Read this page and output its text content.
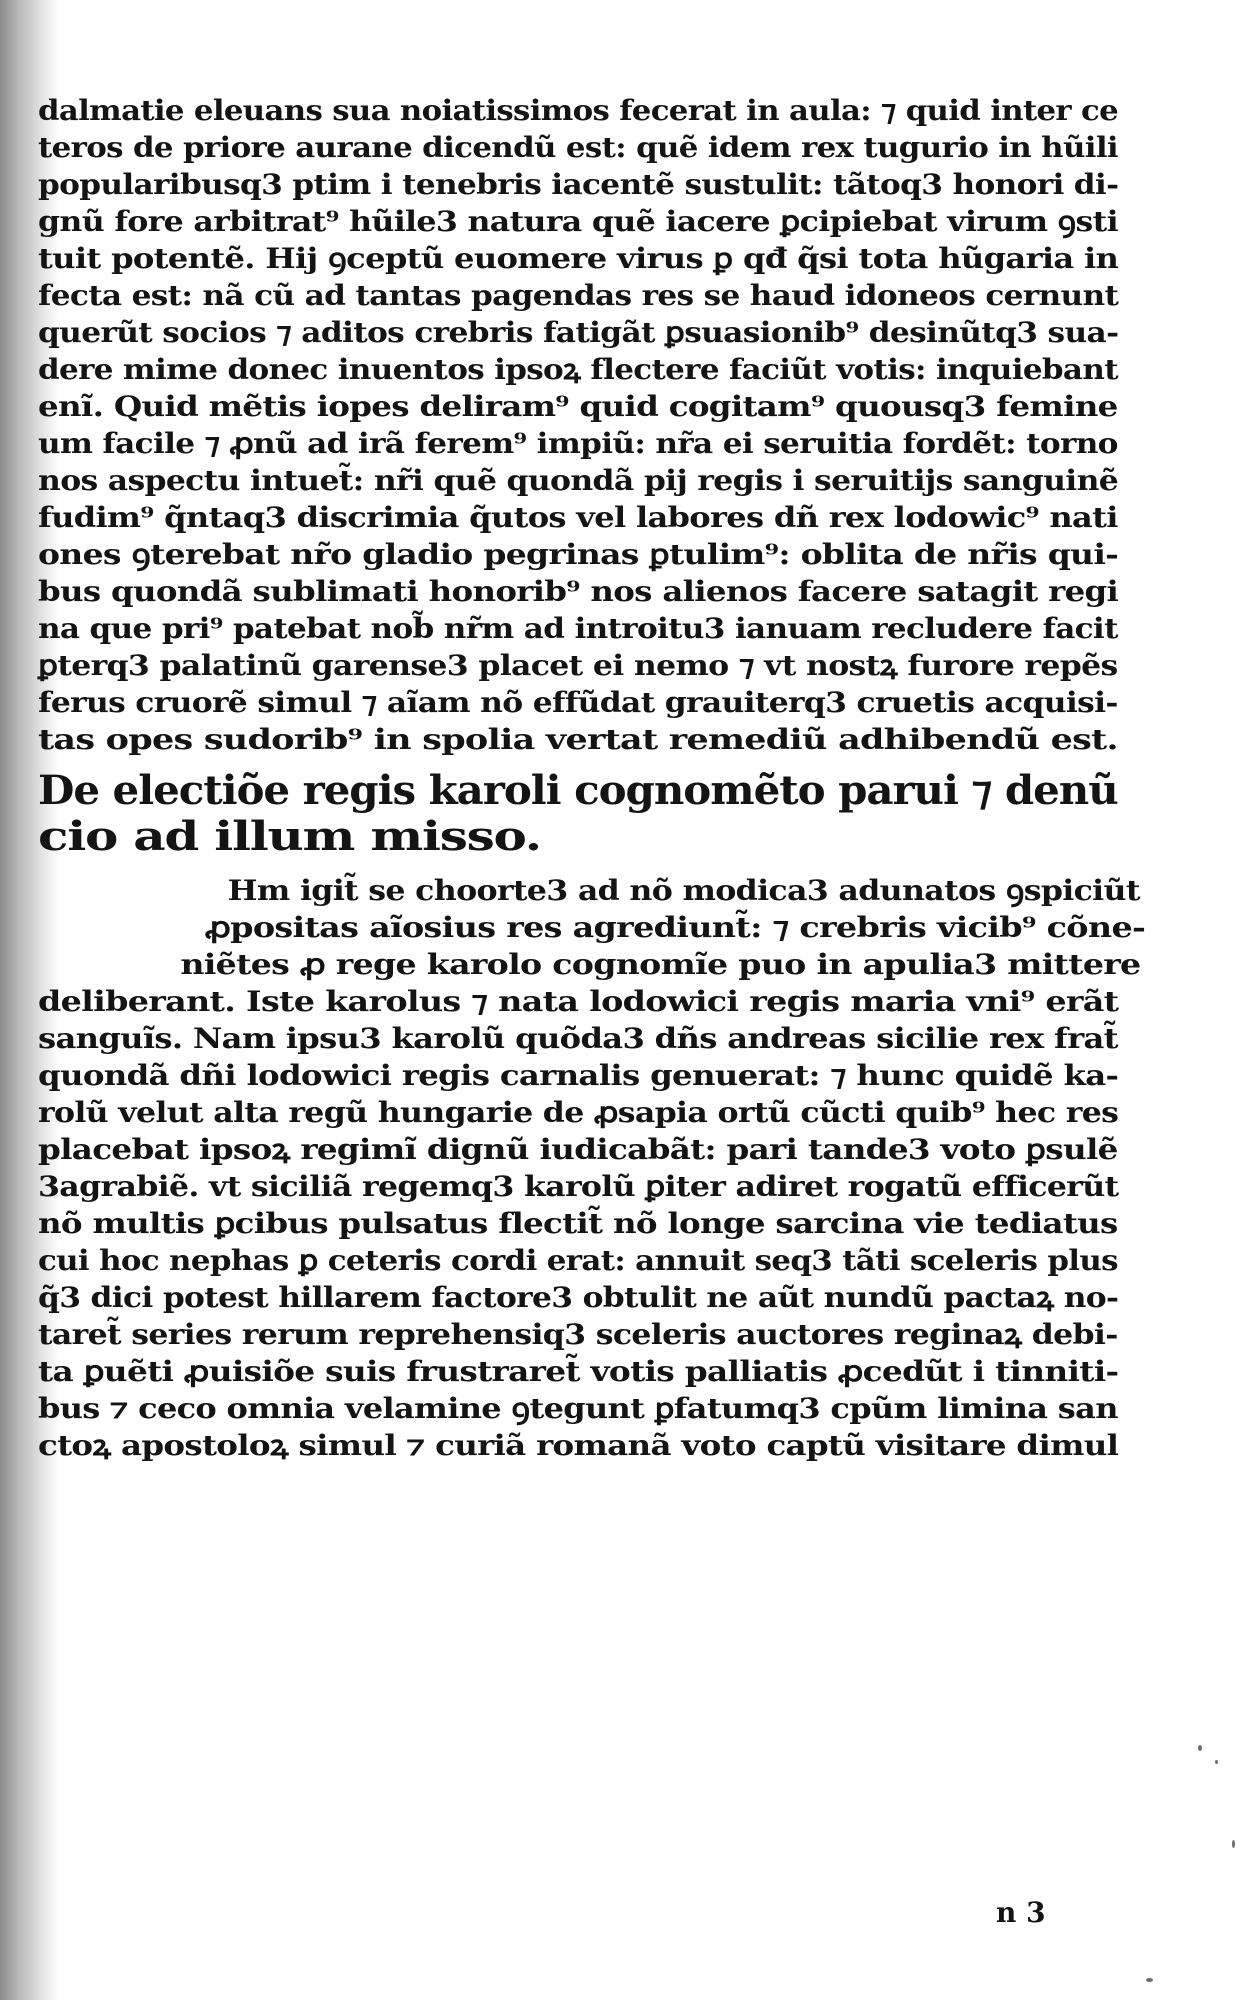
dalmatie eleuans sua noiatissimos fecerat in aula: ⁊ quid inter ce
teros de priore aurane dicendũ est: quẽ idem rex tugurio in hũili
popularibusq3 ptim i tenebris iacentẽ sustulit: tãtoq3 honori di-
gnũ fore arbitrat⁹ hũile3 natura quẽ iacere ꝑcipiebat virum ꝯsti
tuit potentẽ. Hij ꝯceptũ euomere virus ꝑ qđ q̃si tota hũgaria in
fecta est: nã cũ ad tantas pagendas res se haud idoneos cernunt
querũt socios ⁊ aditos crebris fatigãt ꝑsuasionib⁹ desinũtq3 sua-
dere mime donec inuentos ipsoꝝ flectere faciũt votis: inquiebant
enĩ. Quid mẽtis iopes deliram⁹ quid cogitam⁹ quousq3 femine
um facile ⁊ ꝓnũ ad irã ferem⁹ impiũ: nr̃a ei seruitia fordẽt: torno
nos aspectu intuet̃: nr̃i quẽ quondã pij regis i seruitijs sanguinẽ
fudim⁹ q̃ntaq3 discrimia q̃utos vel labores dñ rex lodowic⁹ nati
ones ꝯterebat nr̃o gladio pegrinas ꝑtulim⁹: oblita de nr̃is qui-
bus quondã sublimati honorib⁹ nos alienos facere satagit regi
na que pri⁹ patebat nob̃ nr̃m ad introitu3 ianuam recludere facit
ꝑterq3 palatinũ garense3 placet ei nemo ⁊ vt nostꝝ furore repẽs
ferus cruorẽ simul ⁊ aĩam nõ effũdat grauiterq3 cruetis acquisi-
tas opes sudorib⁹ in spolia vertat remediũ adhibendũ est.
De electiõe regis karoli cognomẽto parui ⁊ denũ
cio ad illum misso.
Hm igit̃ se choorte3 ad nõ modica3 adunatos ꝯspiciũt
ꝓpositas aĩosius res agrediunt̃: ⁊ crebris vicib⁹ cõne-
niẽtes ꝓ rege karolo cognomĩe puo in apulia3 mittere
deliberant. Iste karolus ⁊ nata lodowici regis maria vni⁹ erãt
sanguĩs. Nam ipsu3 karolũ quõda3 dñs andreas sicilie rex frat̃
quondã dñi lodowici regis carnalis genuerat: ⁊ hunc quidẽ ka-
rolũ velut alta regũ hungarie de ꝓsapia ortũ cũcti quib⁹ hec res
placebat ipsoꝝ regimĩ dignũ iudicabãt: pari tande3 voto ꝑsulẽ
3agrabiẽ. vt siciliã regemq3 karolũ ꝑiter adiret rogatũ efficerũt
nõ multis ꝑcibus pulsatus flectit̃ nõ longe sarcina vie tediatus
cui hoc nephas ꝑ ceteris cordi erat: annuit seq3 tãti sceleris plus
q̃3 dici potest hillarem factore3 obtulit ne aũt nundũ pactaꝝ no-
taret̃ series rerum reprehensiq3 sceleris auctores reginaꝝ debi-
ta ꝑuẽti ꝓuisiõe suis frustraret̃ votis palliatis ꝓcedũt i tinniti-
bus ⁊ ceco omnia velamine ꝯtegunt ꝑfatumq3 cpũm limina san
ctoꝝ apostoloꝝ simul ⁊ curiã romanã voto captũ visitare dimul
n 3
